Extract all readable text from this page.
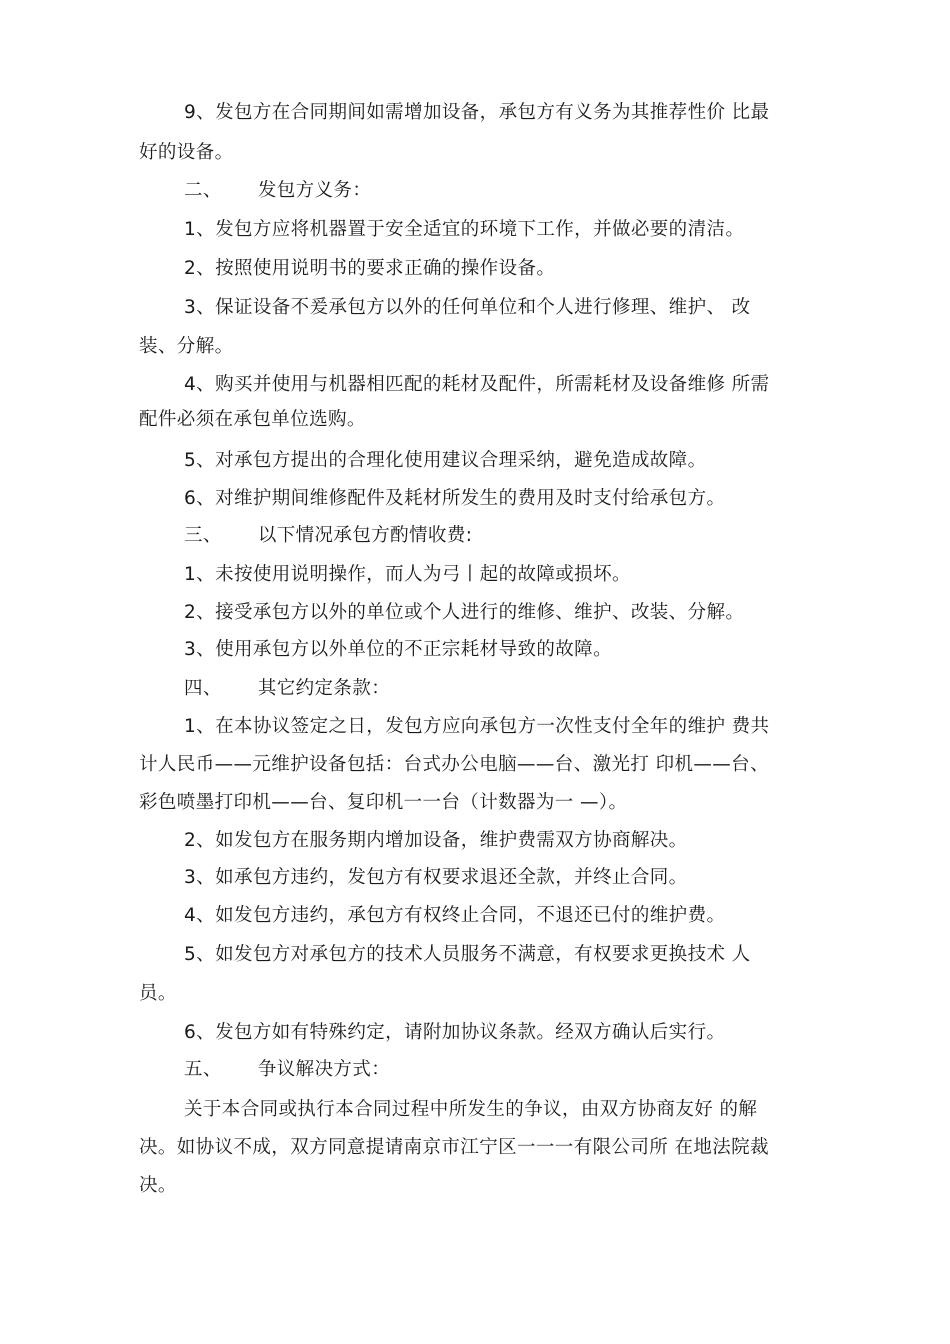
9、发包方在合同期间如需增加设备，承包方有义务为其推荐性价 比最
好的设备。
二、 发包方义务：
1、发包方应将机器置于安全适宜的环境下工作，并做必要的清洁。
2、按照使用说明书的要求正确的操作设备。
3、保证设备不爰承包方以外的任何单位和个人进行修理、维护、 改
装、分解。
4、购买并使用与机器相匹配的耗材及配件，所需耗材及设备维修 所需
配件必须在承包单位选购。
5、对承包方提出的合理化使用建议合理采纳，避免造成故障。
6、对维护期间维修配件及耗材所发生的费用及时支付给承包方。
三、 以下情况承包方酌情收费:
1、未按使用说明操作，而人为弓丨起的故障或损坏。
2、接受承包方以外的单位或个人进行的维修、维护、改装、分解。
3、使用承包方以外单位的不正宗耗材导致的故障。
四、 其它约定条款：
1、在本协议签定之日，发包方应向承包方一次性支付全年的维护 费共
计人民币——元维护设备包括：台式办公电脑——台、激光打 印机——台、
彩色喷墨打印机——台、复印机一一台（计数器为一 —）。
2、如发包方在服务期内增加设备，维护费需双方协商解决。
3、如承包方违约，发包方有权要求退还全款，并终止合同。
4、如发包方违约，承包方有权终止合同，不退还已付的维护费。
5、如发包方对承包方的技术人员服务不满意，有权要求更换技术 人
员。
6、发包方如有特殊约定，请附加协议条款。经双方确认后实行。
五、 争议解决方式：
关于本合同或执行本合同过程中所发生的争议，由双方协商友好 的解
决。如协议不成，双方同意提请南京市江宁区一一一有限公司所 在地法院裁
决。
